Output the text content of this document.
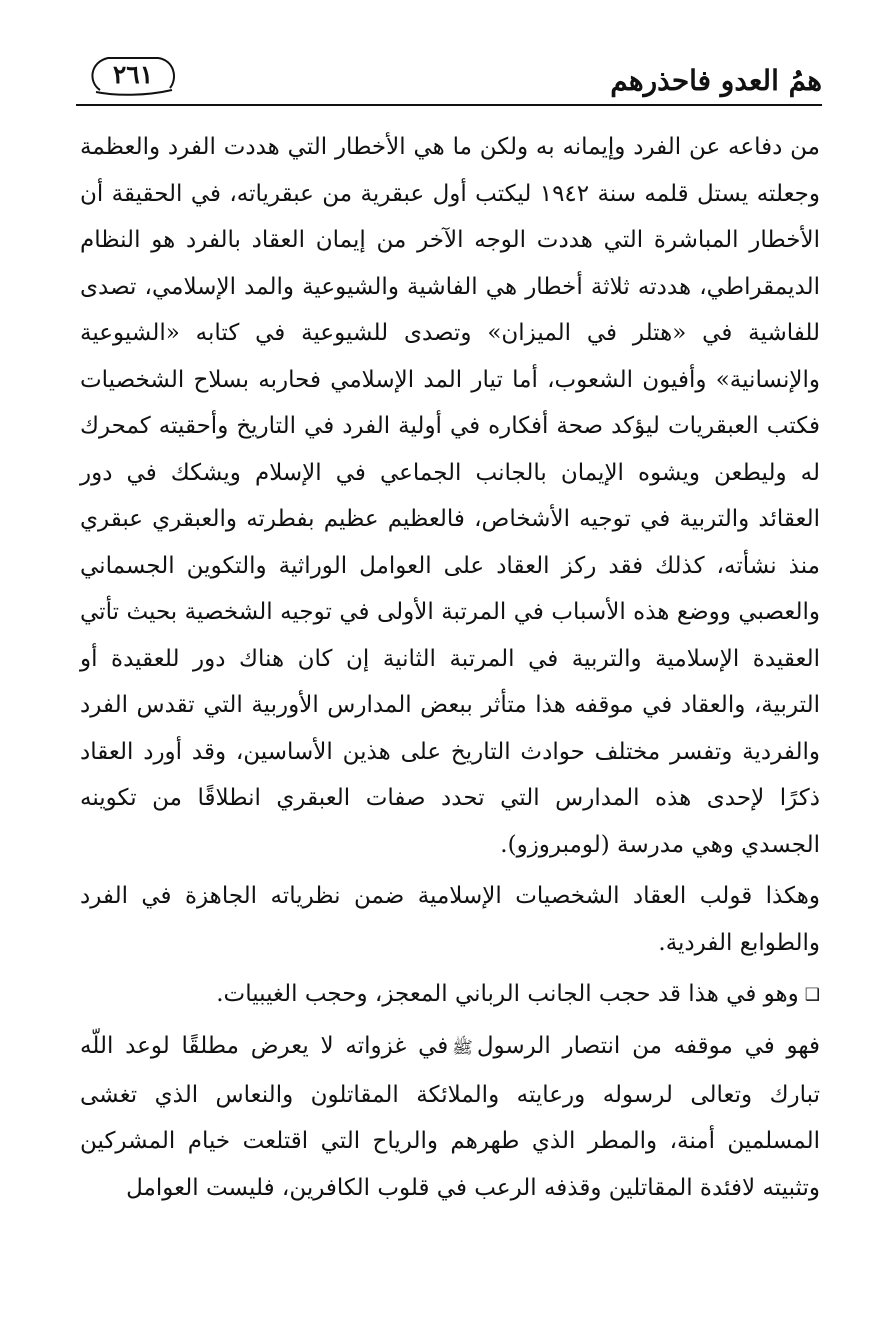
همُ العدو فاحذرهم
٢٦١

من دفاعه عن الفرد وإيمانه به ولكن ما هي الأخطار التي هددت الفرد والعظمة وجعلته يستل قلمه سنة ١٩٤٢ ليكتب أول عبقرية من عبقرياته، في الحقيقة أن الأخطار المباشرة التي هددت الوجه الآخر من إيمان العقاد بالفرد هو النظام الديمقراطي، هددته ثلاثة أخطار هي الفاشية والشيوعية والمد الإسلامي، تصدى للفاشية في «هتلر في الميزان» وتصدى للشيوعية في كتابه «الشيوعية والإنسانية» وأفيون الشعوب، أما تيار المد الإسلامي فحاربه بسلاح الشخصيات فكتب العبقريات ليؤكد صحة أفكاره في أولية الفرد في التاريخ وأحقيته كمحرك له وليطعن ويشوه الإيمان بالجانب الجماعي في الإسلام ويشكك في دور العقائد والتربية في توجيه الأشخاص، فالعظيم عظيم بفطرته والعبقري عبقري منذ نشأته، كذلك فقد ركز العقاد على العوامل الوراثية والتكوين الجسماني والعصبي ووضع هذه الأسباب في المرتبة الأولى في توجيه الشخصية بحيث تأتي العقيدة الإسلامية والتربية في المرتبة الثانية إن كان هناك دور للعقيدة أو التربية، والعقاد في موقفه هذا متأثر ببعض المدارس الأوربية التي تقدس الفرد والفردية وتفسر مختلف حوادث التاريخ على هذين الأساسين، وقد أورد العقاد ذكرًا لإحدى هذه المدارس التي تحدد صفات العبقري انطلاقًا من تكوينه الجسدي وهي مدرسة (لومبروزو).

وهكذا قولب العقاد الشخصيات الإسلامية ضمن نظرياته الجاهزة في الفرد والطوابع الفردية.

❑وهو في هذا قد حجب الجانب الرباني المعجز، وحجب الغيبيات.

فهو في موقفه من انتصار الرسولﷺفي غزواته لا يعرض مطلقًا لوعد اللّه تبارك وتعالى لرسوله ورعايته والملائكة المقاتلون والنعاس الذي تغشى المسلمين أمنة، والمطر الذي طهرهم والرياح التي اقتلعت خيام المشركين وتثبيته لافئدة المقاتلين وقذفه الرعب في قلوب الكافرين، فليست العوامل
